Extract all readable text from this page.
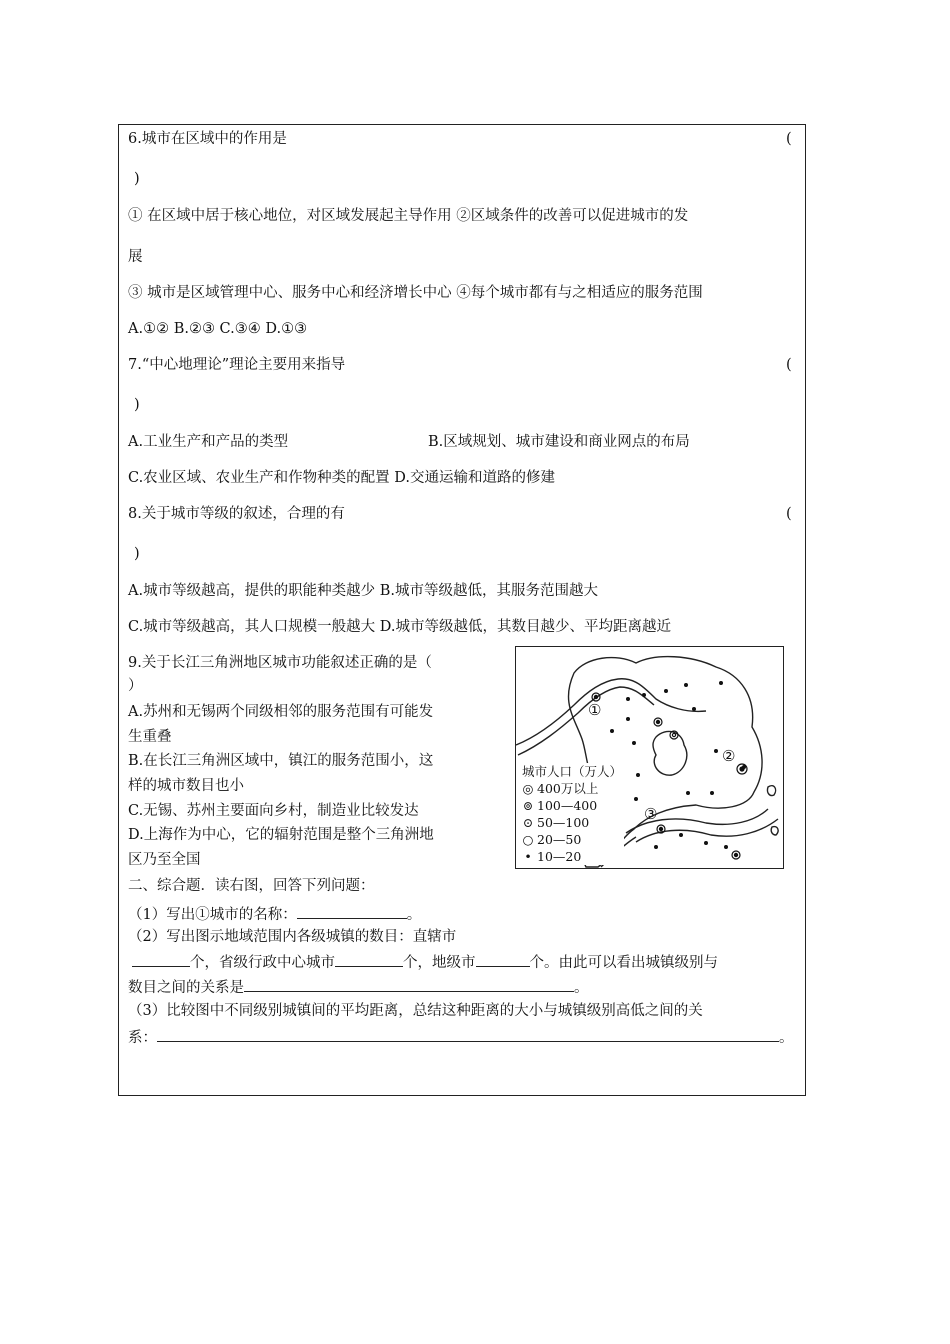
6.城市在区域中的作用是	(
)
① 在区域中居于核心地位，对区域发展起主导作用 ②区域条件的改善可以促进城市的发
展
③ 城市是区域管理中心、服务中心和经济增长中心 ④每个城市都有与之相适应的服务范围
A.①② B.②③ C.③④ D.①③
7.“中心地理论”理论主要用来指导	(
)
A.工业生产和产品的类型	B.区域规划、城市建设和商业网点的布局
C.农业区域、农业生产和作物种类的配置 D.交通运输和道路的修建
8.关于城市等级的叙述，合理的有	(
)
A.城市等级越高，提供的职能种类越少 B.城市等级越低，其服务范围越大
C.城市等级越高，其人口规模一般越大 D.城市等级越低，其数目越少、平均距离越近
9.关于长江三角洲地区城市功能叙述正确的是（
）
A.苏州和无锡两个同级相邻的服务范围有可能发
生重叠
B.在长江三角洲区域中，镇江的服务范围小，这
样的城市数目也小
C.无锡、苏州主要面向乡村，制造业比较发达
D.上海作为中心，它的辐射范围是整个三角洲地
区乃至全国
①
②
③
城市人口（万人）
◎ 400万以上
⊚ 100—400
⊙ 50—100
○ 20—50
• 10—20
二、综合题．读右图，回答下列问题：
（1）写出①城市的名称：	。
（2）写出图示地域范围内各级城镇的数目：直辖市
个，省级行政中心城市	个，地级市	个。由此可以看出城镇级别与
数目之间的关系是	。
（3）比较图中不同级别城镇间的平均距离，总结这种距离的大小与城镇级别高低之间的关
系：	。
